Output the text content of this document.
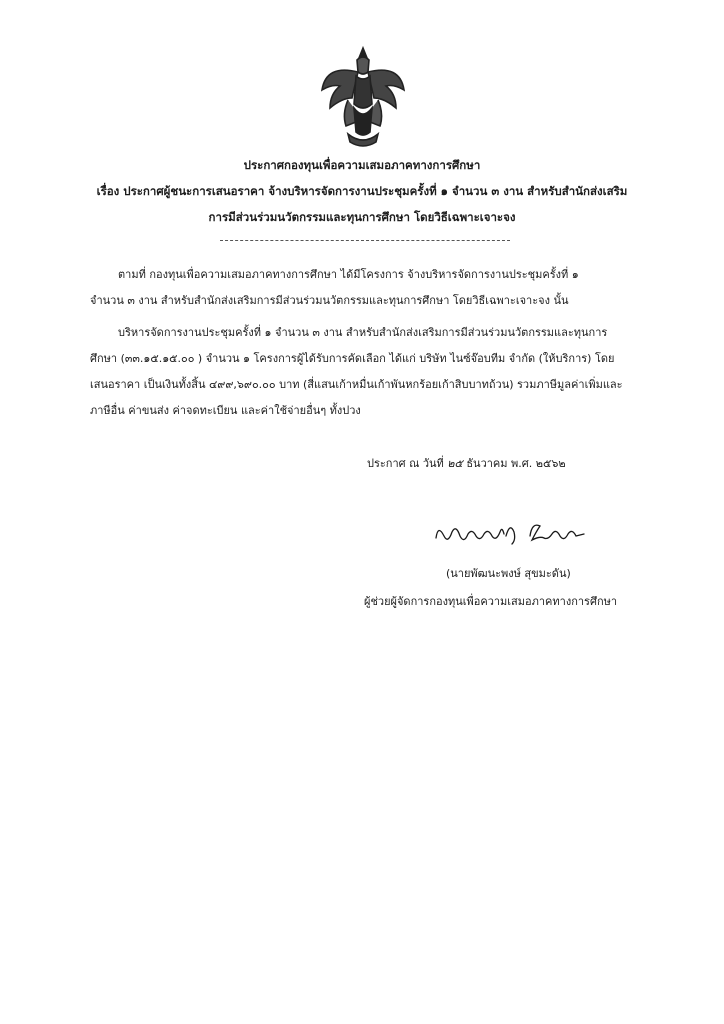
ประกาศกองทุนเพื่อความเสมอภาคทางการศึกษา
เรื่อง ประกาศผู้ชนะการเสนอราคา จ้างบริหารจัดการงานประชุมครั้งที่ ๑ จำนวน ๓ งาน สำหรับสำนักส่งเสริม
การมีส่วนร่วมนวัตกรรมและทุนการศึกษา โดยวิธีเฉพาะเจาะจง
ตามที่ กองทุนเพื่อความเสมอภาคทางการศึกษา ได้มีโครงการ จ้างบริหารจัดการงานประชุมครั้งที่ ๑
จำนวน ๓ งาน สำหรับสำนักส่งเสริมการมีส่วนร่วมนวัตกรรมและทุนการศึกษา โดยวิธีเฉพาะเจาะจง นั้น
บริหารจัดการงานประชุมครั้งที่ ๑ จำนวน ๓ งาน สำหรับสำนักส่งเสริมการมีส่วนร่วมนวัตกรรมและทุนการ
ศึกษา (๓๓.๑๕.๑๕.๐๐ ) จำนวน ๑ โครงการผู้ได้รับการคัดเลือก ได้แก่ บริษัท ไนซ์จ๊อบทีม จำกัด (ให้บริการ) โดย
เสนอราคา เป็นเงินทั้งสิ้น ๔๙๙,๖๙๐.๐๐ บาท (สี่แสนเก้าหมื่นเก้าพันหกร้อยเก้าสิบบาทถ้วน) รวมภาษีมูลค่าเพิ่มและ
ภาษีอื่น ค่าขนส่ง ค่าจดทะเบียน และค่าใช้จ่ายอื่นๆ ทั้งปวง
ประกาศ ณ วันที่ ๒๕ ธันวาคม พ.ศ. ๒๕๖๒
(นายพัฒนะพงษ์ สุขมะดัน)
ผู้ช่วยผู้จัดการกองทุนเพื่อความเสมอภาคทางการศึกษา
